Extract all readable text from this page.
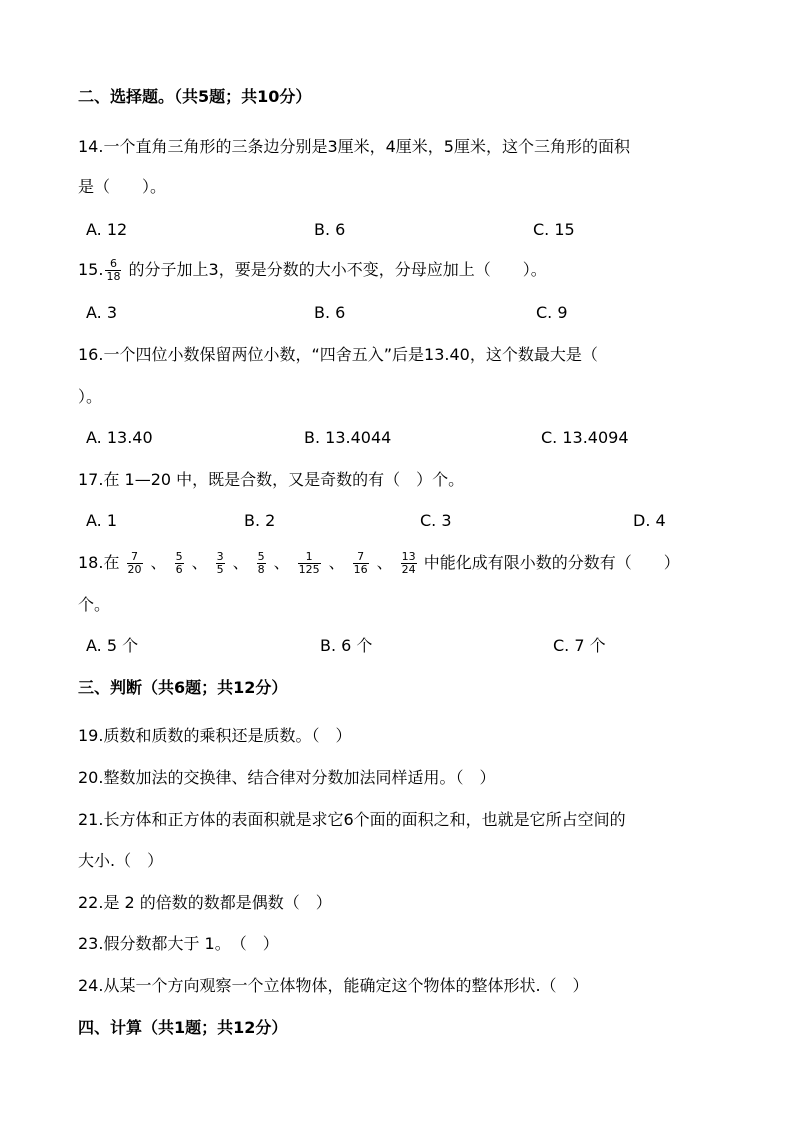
二、选择题。（共5题；共10分）
14.一个直角三角形的三条边分别是3厘米，4厘米，5厘米，这个三角形的面积
是（　　）。
A. 12	B. 6	C. 15
15. $\frac{6}{18}$ 的分子加上3，要是分数的大小不变，分母应加上（　　）。
A. 3	B. 6	C. 9
16.一个四位小数保留两位小数，“四舍五入”后是13.40，这个数最大是（
）。
A. 13.40	B. 13.4044	C. 13.4094
17.在 1—20 中，既是合数，又是奇数的有（　）个。
A. 1	B. 2	C. 3	D. 4
18.在 $\frac{7}{20}$ 、 $\frac{5}{6}$ 、 $\frac{3}{5}$ 、 $\frac{5}{8}$ 、 $\frac{1}{125}$ 、 $\frac{7}{16}$ 、 $\frac{13}{24}$ 中能化成有限小数的分数有（　　）
个。
A. 5 个	B. 6 个	C. 7 个
三、判断（共6题；共12分）
19.质数和质数的乘积还是质数。（　）
20.整数加法的交换律、结合律对分数加法同样适用。（　）
21.长方体和正方体的表面积就是求它6个面的面积之和，也就是它所占空间的
大小.（　）
22.是 2 的倍数的数都是偶数（　）
23.假分数都大于 1。　（　）
24.从某一个方向观察一个立体物体，能确定这个物体的整体形状.（　）
四、计算（共1题；共12分）
